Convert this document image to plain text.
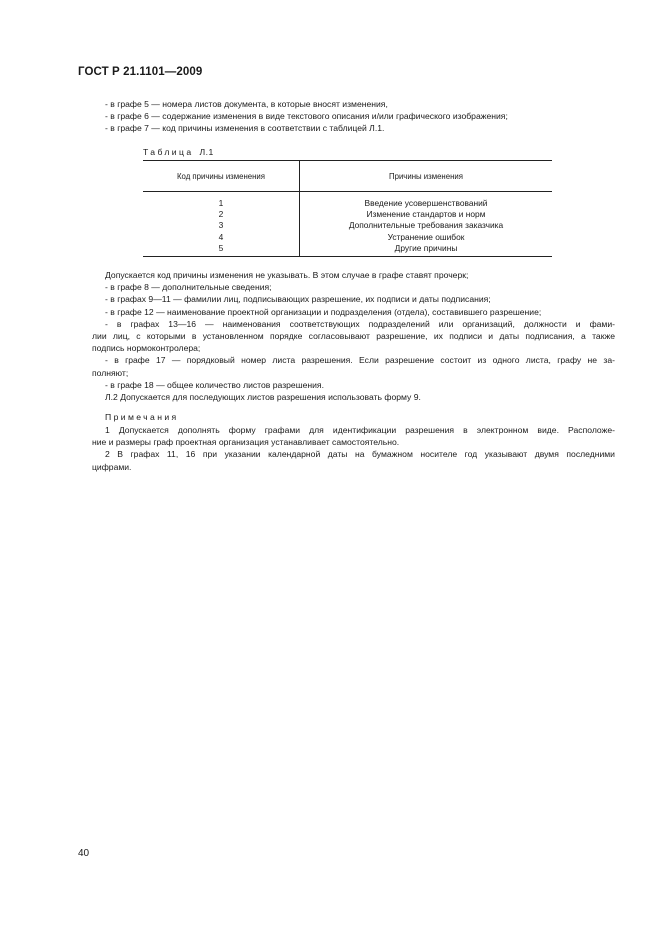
ГОСТ Р 21.1101—2009
- в графе 5 — номера листов документа, в которые вносят изменения,
- в графе 6 — содержание изменения в виде текстового описания и/или графического изображения;
- в графе 7 — код причины изменения в соответствии с таблицей Л.1.
Таблица Л.1
Код причины изменения	Причины изменения
1	Введение усовершенствований
2	Изменение стандартов и норм
3	Дополнительные требования заказчика
4	Устранение ошибок
5	Другие причины
Допускается код причины изменения не указывать. В этом случае в графе ставят прочерк;
- в графе 8 — дополнительные сведения;
- в графах 9—11 — фамилии лиц, подписывающих разрешение, их подписи и даты подписания;
- в графе 12 — наименование проектной организации и подразделения (отдела), составившего разрешение;
- в графах 13—16 — наименования соответствующих подразделений или организаций, должности и фами-
лии лиц, с которыми в установленном порядке согласовывают разрешение, их подписи и даты подписания, а также
подпись нормоконтролера;
- в графе 17 — порядковый номер листа разрешения. Если разрешение состоит из одного листа, графу не за-
полняют;
- в графе 18 — общее количество листов разрешения.
Л.2 Допускается для последующих листов разрешения использовать форму 9.
Примечания
1 Допускается дополнять форму графами для идентификации разрешения в электронном виде. Расположе-
ние и размеры граф проектная организация устанавливает самостоятельно.
2 В графах 11, 16 при указании календарной даты на бумажном носителе год указывают двумя последними
цифрами.
40
